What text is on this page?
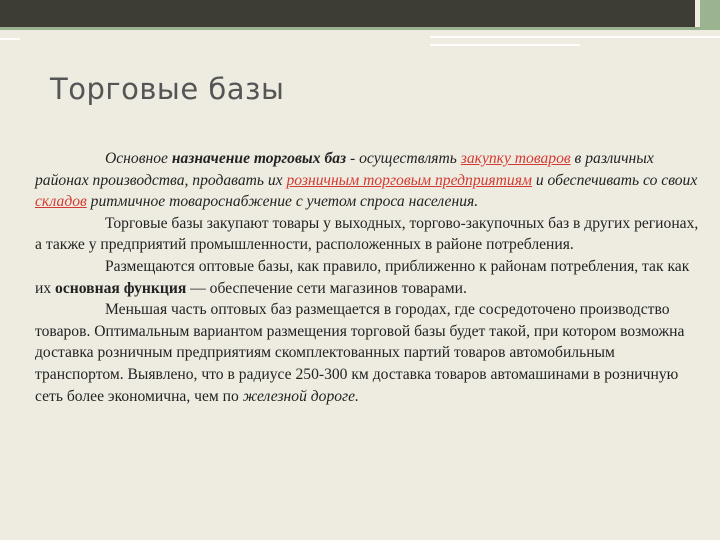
Торговые базы

Основное назначение торговых баз - осуществлять закупку товаров в различных районах производства, продавать их розничным торговым предприятиям и обеспечивать со своих складов ритмичное товароснабжение с учетом спроса населения.

Торговые базы закупают товары у выходных, торгово-закупочных баз в других регионах, а также у предприятий промышленности, расположенных в районе потребления.

Размещаются оптовые базы, как правило, приближенно к районам потребления, так как их основная функция — обеспечение сети магазинов товарами.

Меньшая часть оптовых баз размещается в городах, где сосредоточено производство товаров. Оптимальным вариантом размещения торговой базы будет такой, при котором возможна доставка розничным предприятиям скомплектованных партий товаров автомобильным транспортом. Выявлено, что в радиусе 250-300 км доставка товаров автомашинами в розничную сеть более экономична, чем по железной дороге.
